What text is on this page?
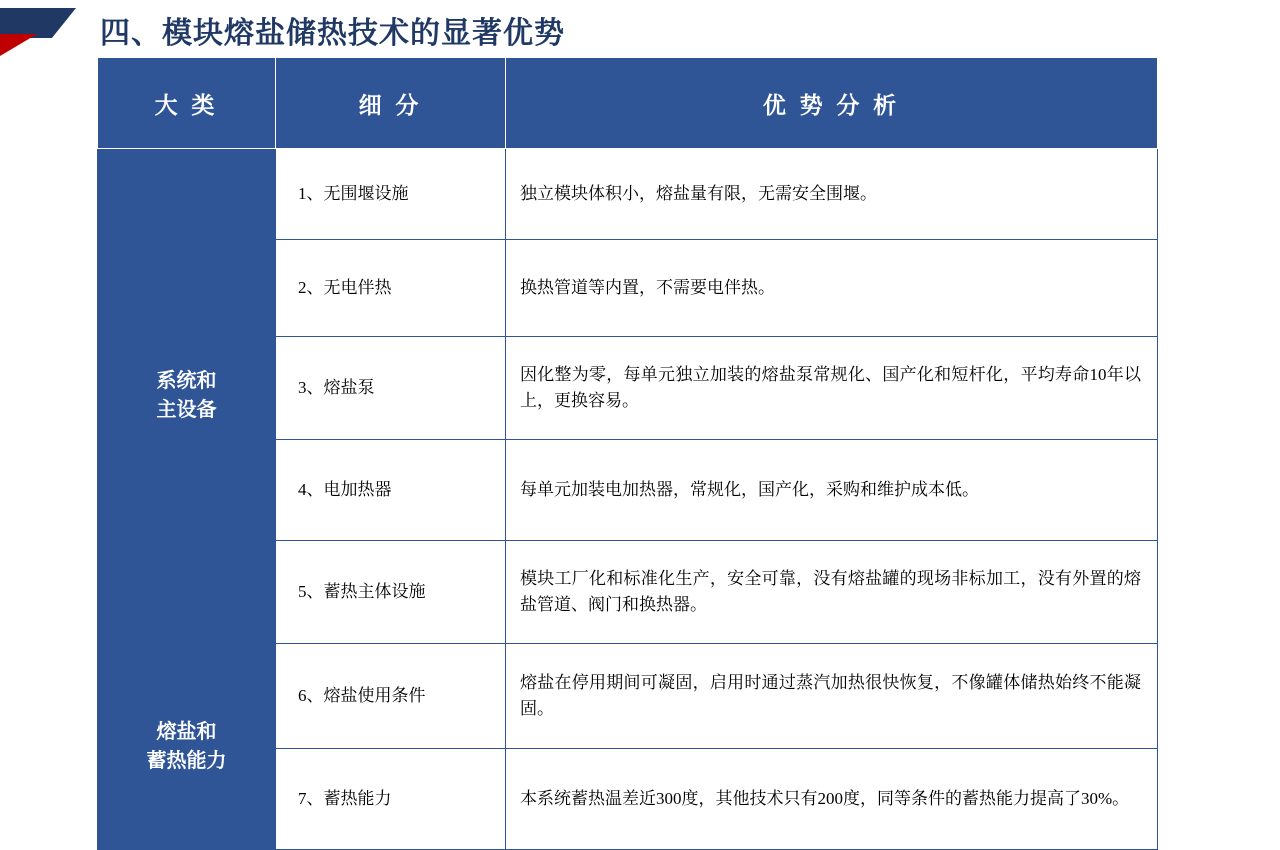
四、模块熔盐储热技术的显著优势
大 类	细 分	优 势 分 析

系统和
主设备	1、无围堰设施	独立模块体积小，熔盐量有限，无需安全围堰。
	2、无电伴热	换热管道等内置，不需要电伴热。
	3、熔盐泵	因化整为零，每单元独立加装的熔盐泵常规化、国产化和短杆化，平均寿命10年以上，更换容易。
	4、电加热器	每单元加装电加热器，常规化，国产化，采购和维护成本低。
	5、蓄热主体设施	模块工厂化和标准化生产，安全可靠，没有熔盐罐的现场非标加工，没有外置的熔盐管道、阀门和换热器。

熔盐和
蓄热能力	6、熔盐使用条件	熔盐在停用期间可凝固，启用时通过蒸汽加热很快恢复，不像罐体储热始终不能凝固。
	7、蓄热能力	本系统蓄热温差近300度，其他技术只有200度，同等条件的蓄热能力提高了30%。
